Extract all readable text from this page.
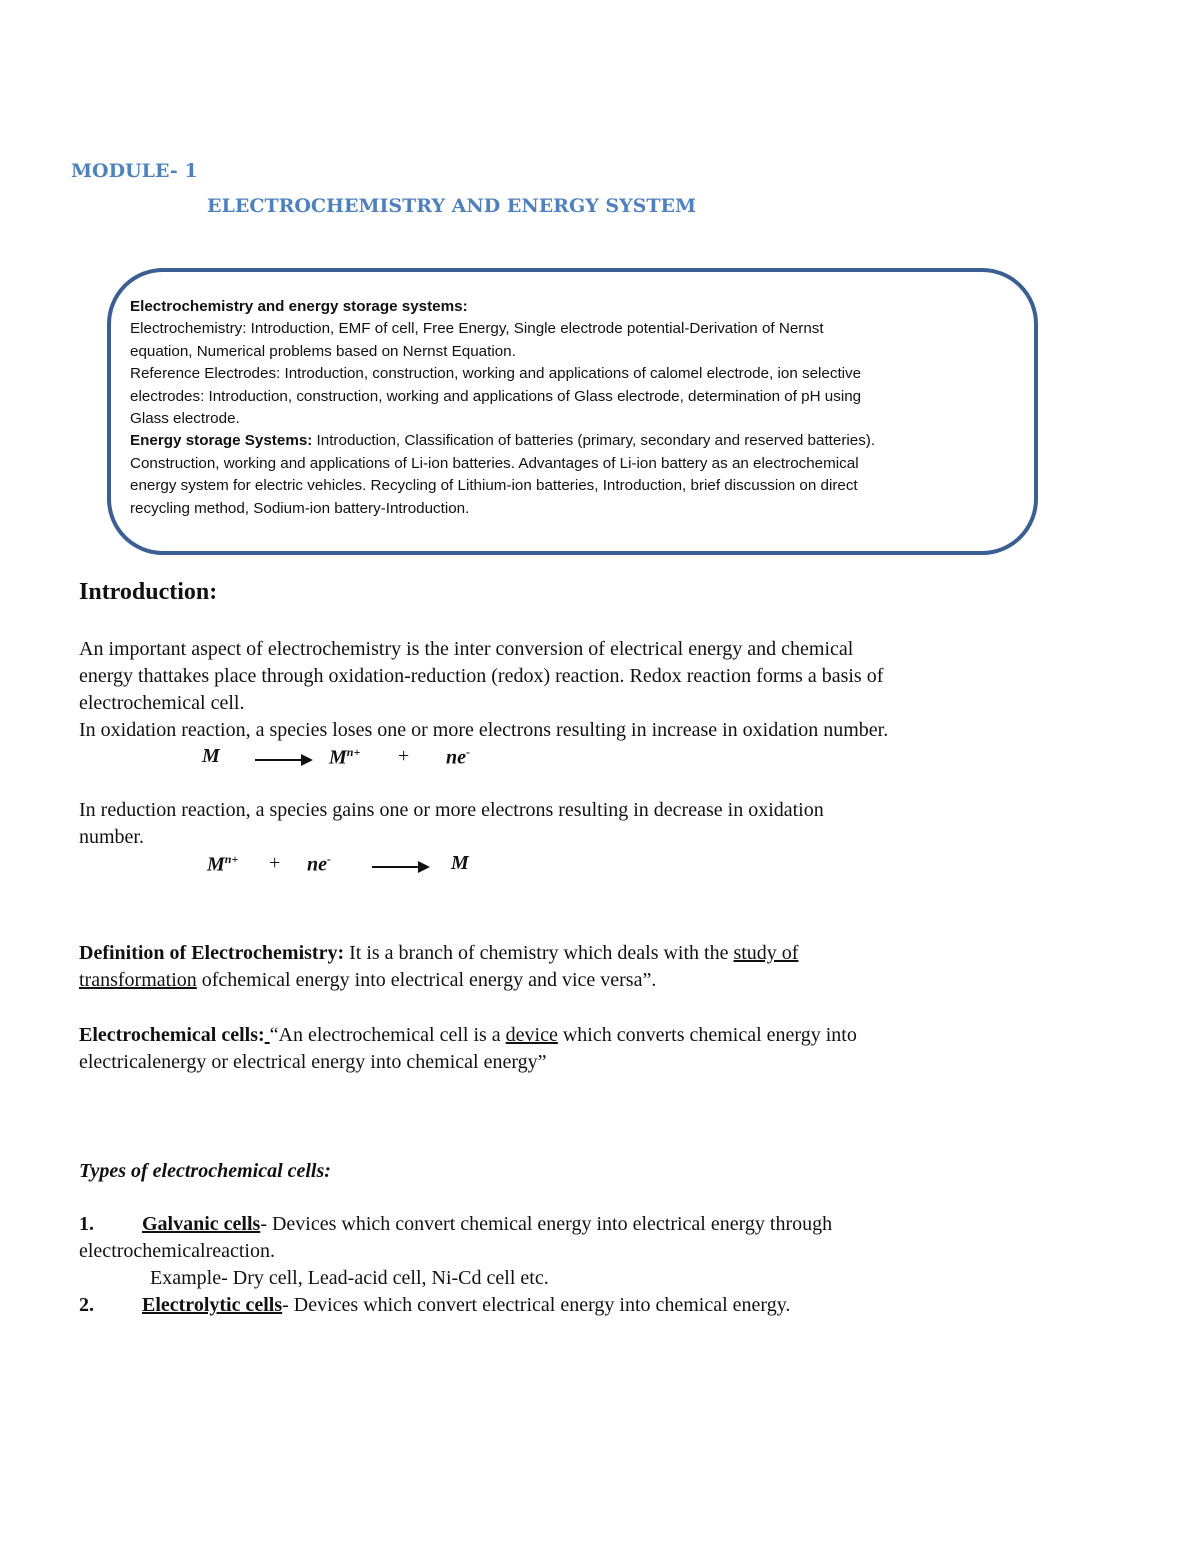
MODULE- 1
ELECTROCHEMISTRY AND ENERGY SYSTEM

Electrochemistry and energy storage systems:

Electrochemistry: Introduction, EMF of cell, Free Energy, Single electrode potential-Derivation of Nernst

equation, Numerical problems based on Nernst Equation.

Reference Electrodes: Introduction, construction, working and applications of calomel electrode, ion selective

electrodes: Introduction, construction, working and applications of Glass electrode, determination of pH using

Glass electrode.

Energy storage Systems: Introduction, Classification of batteries (primary, secondary and reserved batteries).

Construction, working and applications of Li-ion batteries. Advantages of Li-ion battery as an electrochemical

energy system for electric vehicles. Recycling of Lithium-ion batteries, Introduction, brief discussion on direct

recycling method, Sodium-ion battery-Introduction.

Introduction:
An important aspect of electrochemistry is the inter conversion of electrical energy and chemical
energy thattakes place through oxidation-reduction (redox) reaction. Redox reaction forms a basis of
electrochemical cell.
In oxidation reaction, a species loses one or more electrons resulting in increase in oxidation number.
M	$M^{n+} + ne^-$
In reduction reaction, a species gains one or more electrons resulting in decrease in oxidation
number.
$M^{n+} + ne^-$	M
Definition of Electrochemistry: It is a branch of chemistry which deals with the study of
transformation ofchemical energy into electrical energy and vice versa”.
Electrochemical cells: “An electrochemical cell is a device which converts chemical energy into
electricalenergy or electrical energy into chemical energy”
Types of electrochemical cells:
1. Galvanic cells- Devices which convert chemical energy into electrical energy through
electrochemicalreaction.
Example- Dry cell, Lead-acid cell, Ni-Cd cell etc.
2. Electrolytic cells- Devices which convert electrical energy into chemical energy.
